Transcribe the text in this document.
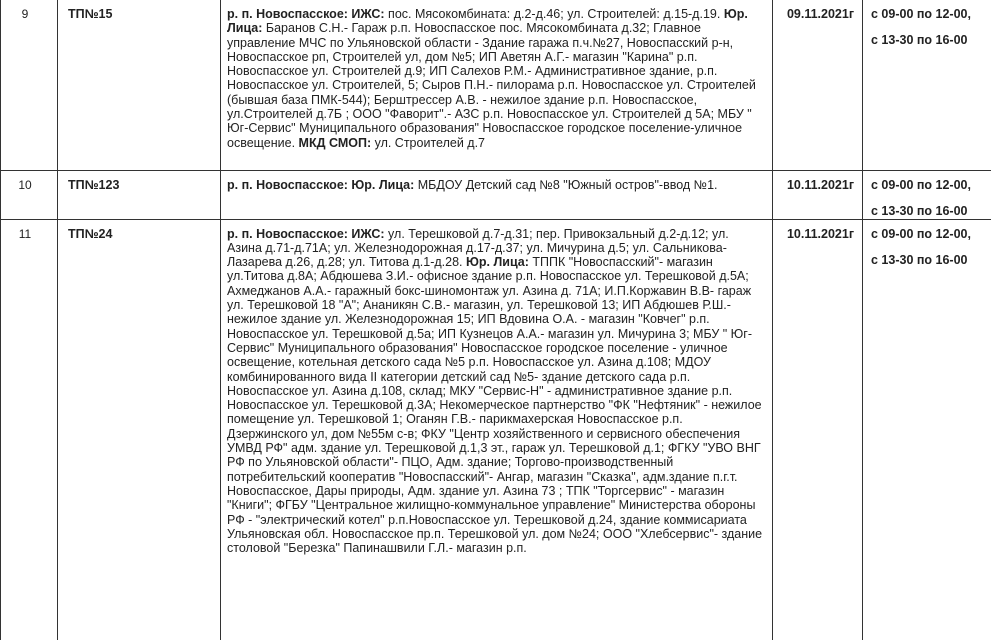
9	ТП№15	р. п. Новоспасское: ИЖС: пос. Мясокомбината: д.2-д.46; ул. Строителей: д.15-д.19. Юр. Лица: Баранов С.Н.- Гараж р.п. Новоспасское пос. Мясокомбината д.32; Главное управление МЧС по Ульяновской области - Здание гаража п.ч.№27, Новоспасский р-н, Новоспасское рп, Строителей ул, дом №5; ИП Аветян А.Г.- магазин "Карина" р.п. Новоспасское ул. Строителей д.9; ИП Салехов Р.М.- Административное здание, р.п. Новоспасское ул. Строителей, 5; Сыров П.Н.- пилорама р.п. Новоспасское ул. Строителей (бывшая база ПМК-544); Берштрессер А.В. - нежилое здание р.п. Новоспасское, ул.Строителей д.7Б ; ООО "Фаворит".- АЗС р.п. Новоспасское ул. Строителей д 5А; МБУ " Юг-Сервис" Муниципального образования" Новоспасское городское поселение-уличное освещение. МКД СМОП: ул. Строителей д.7	09.11.2021г	с 09-00 по 12-00,
с 13-30 по 16-00

10	ТП№123	р. п. Новоспасское: Юр. Лица: МБДОУ Детский сад №8 "Южный остров"-ввод №1.	10.11.2021г	с 09-00 по 12-00,
с 13-30 по 16-00

11	ТП№24	р. п. Новоспасское: ИЖС: ул. Терешковой д.7-д.31; пер. Привокзальный д.2-д.12; ул. Азина д.71-д.71А; ул. Железнодорожная д.17-д.37; ул. Мичурина д.5; ул. Сальникова-Лазарева д.26, д.28; ул. Титова д.1-д.28. Юр. Лица: ТППК "Новоспасский"- магазин ул.Титова д.8А; Абдюшева З.И.- офисное здание р.п. Новоспасское ул. Терешковой д.5А; Ахмеджанов А.А.- гаражный бокс-шиномонтаж ул. Азина д. 71А; И.П.Коржавин В.В- гараж ул. Терешковой 18 "А"; Ананикян С.В.- магазин, ул. Терешковой 13; ИП Абдюшев Р.Ш.- нежилое здание ул. Железнодорожная 15; ИП Вдовина О.А. - магазин "Ковчег" р.п. Новоспасское ул. Терешковой д.5а; ИП Кузнецов А.А.- магазин ул. Мичурина 3; МБУ " Юг-Сервис" Муниципального образования" Новоспасское городское поселение - уличное освещение, котельная детского сада №5 р.п. Новоспасское ул. Азина д.108; МДОУ комбинированного вида II категории детский сад №5- здание детского сада р.п. Новоспасское ул. Азина д.108, склад; МКУ "Сервис-Н" - административное здание р.п. Новоспасское ул. Терешковой д.3А; Некомерческое партнерство "ФК "Нефтяник" - нежилое помещение ул. Терешковой 1; Оганян Г.В.- парикмахерская Новоспасское р.п. Дзержинского ул, дом №55м с-в; ФКУ "Центр хозяйственного и сервисного обеспечения УМВД РФ" адм. здание ул. Терешковой д.1,3 эт., гараж ул. Терешковой д.1; ФГКУ "УВО ВНГ РФ по Ульяновской области"- ПЦО, Адм. здание; Торгово-производственный потребительский кооператив "Новоспасский"- Ангар, магазин "Сказка", адм.здание п.г.т. Новоспасское, Дары природы, Адм. здание ул. Азина 73 ; ТПК "Торгсервис" - магазин "Книги"; ФГБУ "Центральное жилищно-коммунальное управление" Министерства обороны РФ - "электрический котел" р.п.Новоспасское ул. Терешковой д.24, здание коммисариата Ульяновская обл. Новоспасское пр.п. Терешковой ул. дом №24; ООО "Хлебсервис"- здание столовой "Березка" Папинашвили Г.Л.- магазин р.п.	10.11.2021г	с 09-00 по 12-00,
с 13-30 по 16-00
